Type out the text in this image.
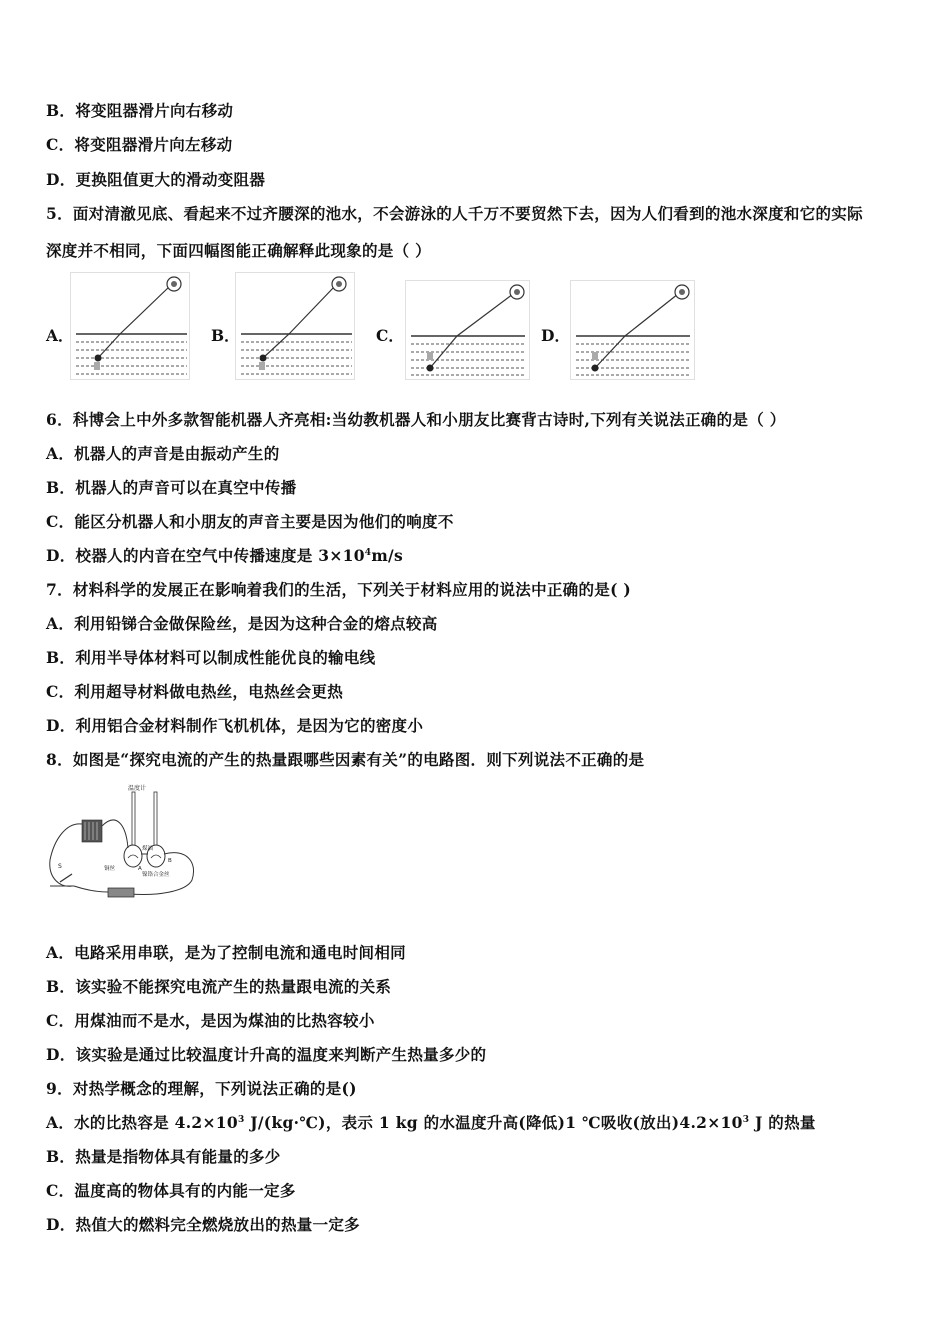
B．将变阻器滑片向右移动
C．将变阻器滑片向左移动
D．更换阻值更大的滑动变阻器
5．面对清澈见底、看起来不过齐腰深的池水，不会游泳的人千万不要贸然下去，因为人们看到的池水深度和它的实际
深度并不相同，下面四幅图能正确解释此现象的是（ ）
A．	B．	C．	D．
6．科博会上中外多款智能机器人齐亮相:当幼教机器人和小朋友比赛背古诗时,下列有关说法正确的是（ ）
A．机器人的声音是由振动产生的
B．机器人的声音可以在真空中传播
C．能区分机器人和小朋友的声音主要是因为他们的响度不
D．校器人的内音在空气中传播速度是 $3\times 10^4m/s$
7．材料科学的发展正在影响着我们的生活，下列关于材料应用的说法中正确的是( )
A．利用铅锑合金做保险丝，是因为这种合金的熔点较高
B．利用半导体材料可以制成性能优良的输电线
C．利用超导材料做电热丝，电热丝会更热
D．利用铝合金材料制作飞机机体，是因为它的密度小
8．如图是“探究电流的产生的热量跟哪些因素有关”的电路图．则下列说法不正确的是
温度计
煤油
铜丝
镍铬合金丝
A
B
S
A．电路采用串联，是为了控制电流和通电时间相同
B．该实验不能探究电流产生的热量跟电流的关系
C．用煤油而不是水，是因为煤油的比热容较小
D．该实验是通过比较温度计升高的温度来判断产生热量多少的
9．对热学概念的理解，下列说法正确的是()
A．水的比热容是 $4.2\times 10^3$ J/(kg·℃)，表示 1 kg 的水温度升高(降低)1 ℃吸收(放出)$4.2\times 10^3$ J 的热量
B．热量是指物体具有能量的多少
C．温度高的物体具有的内能一定多
D．热值大的燃料完全燃烧放出的热量一定多
